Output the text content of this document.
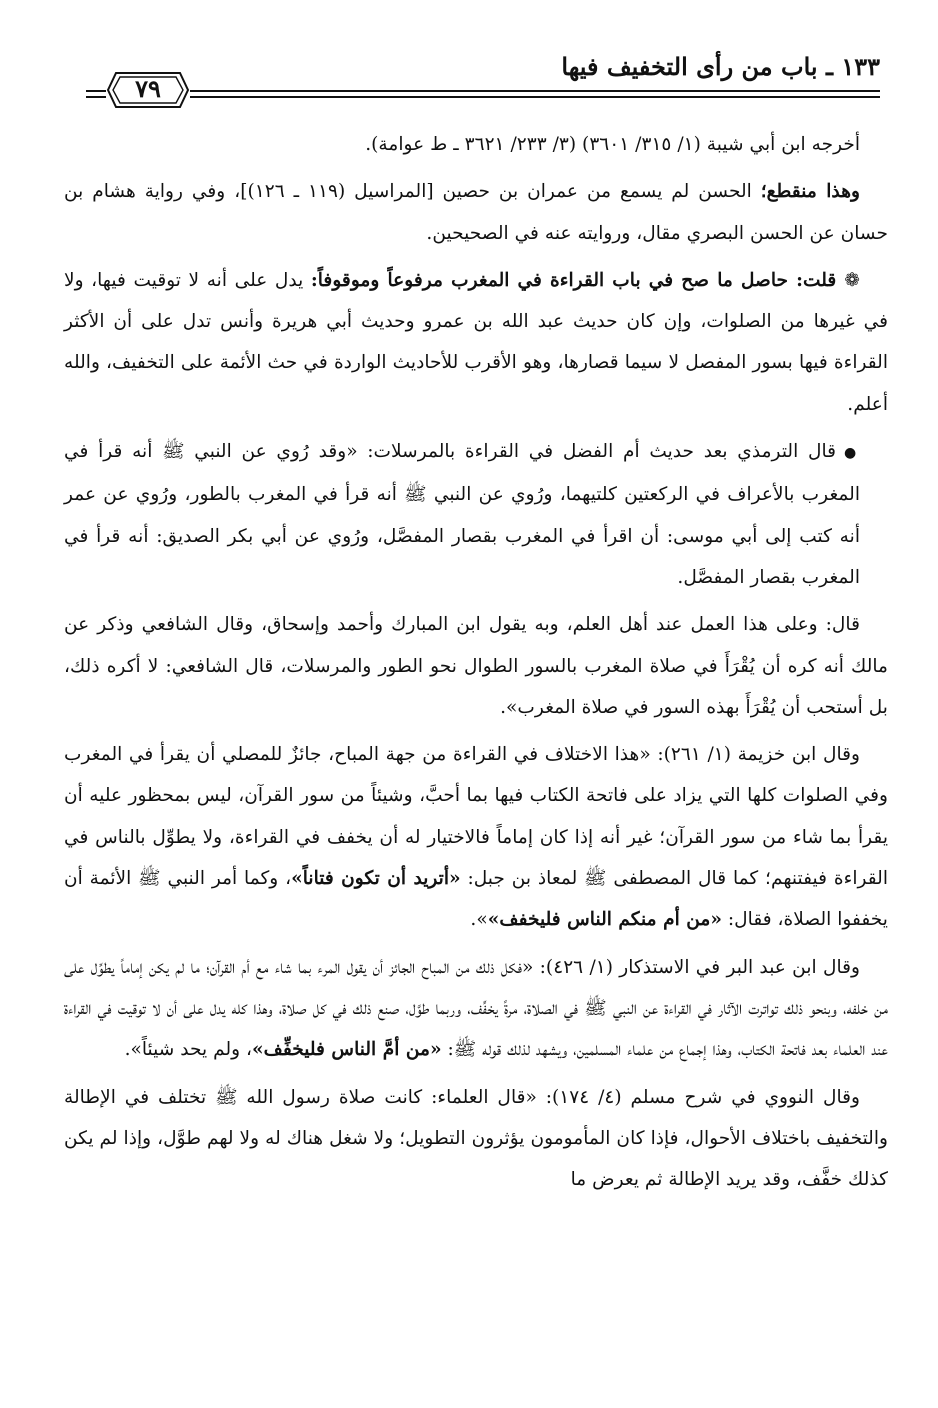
١٣٣ ـ باب من رأى التخفيف فيها
٧٩

أخرجه ابن أبي شيبة (١/ ٣١٥/ ٣٦٠١) (٣/ ٢٣٣/ ٣٦٢١ ـ ط عوامة).

وهذا منقطع؛ الحسن لم يسمع من عمران بن حصين [المراسيل (١١٩ ـ ١٢٦)]، وفي رواية هشام بن حسان عن الحسن البصري مقال، وروايته عنه في الصحيحين.

❁ قلت: حاصل ما صح في باب القراءة في المغرب مرفوعاً وموقوفاً: يدل على أنه لا توقيت فيها، ولا في غيرها من الصلوات، وإن كان حديث عبد الله بن عمرو وحديث أبي هريرة وأنس تدل على أن الأكثر القراءة فيها بسور المفصل لا سيما قصارها، وهو الأقرب للأحاديث الواردة في حث الأئمة على التخفيف، والله أعلم.

●قال الترمذي بعد حديث أم الفضل في القراءة بالمرسلات: «وقد رُوي عن النبي ﷺ أنه قرأ في المغرب بالأعراف في الركعتين كلتيهما، ورُوي عن النبي ﷺ أنه قرأ في المغرب بالطور، ورُوي عن عمر أنه كتب إلى أبي موسى: أن اقرأ في المغرب بقصار المفصَّل، ورُوي عن أبي بكر الصديق: أنه قرأ في المغرب بقصار المفصَّل.

قال: وعلى هذا العمل عند أهل العلم، وبه يقول ابن المبارك وأحمد وإسحاق، وقال الشافعي وذكر عن مالك أنه كره أن يُقْرَأَ في صلاة المغرب بالسور الطوال نحو الطور والمرسلات، قال الشافعي: لا أكره ذلك، بل أستحب أن يُقْرَأَ بهذه السور في صلاة المغرب».

وقال ابن خزيمة (١/ ٢٦١): «هذا الاختلاف في القراءة من جهة المباح، جائزٌ للمصلي أن يقرأ في المغرب وفي الصلوات كلها التي يزاد على فاتحة الكتاب فيها بما أحبَّ، وشيئاً من سور القرآن، ليس بمحظور عليه أن يقرأ بما شاء من سور القرآن؛ غير أنه إذا كان إماماً فالاختيار له أن يخفف في القراءة، ولا يطوِّل بالناس في القراءة فيفتنهم؛ كما قال المصطفى ﷺ لمعاذ بن جبل: «أتريد أن تكون فتاناً»، وكما أمر النبي ﷺ الأئمة أن يخففوا الصلاة، فقال: «من أم منكم الناس فليخفف»».

وقال ابن عبد البر في الاستذكار (١/ ٤٢٦): «فكل ذلك من المباح الجائز أن يقول المرء بما شاء مع أم القرآن؛ ما لم يكن إماماً يطوِّل على من خلفه، وبنحو ذلك تواترت الآثار في القراءة عن النبي ﷺ في الصلاة، مرةً يخفِّف، وربما طوَّل، صنع ذلك في كل صلاة، وهذا كله يدل على أن لا توقيت في القراءة عند العلماء بعد فاتحة الكتاب، وهذا إجماع من علماء المسلمين، ويشهد لذلك قوله ﷺ: «من أمَّ الناس فليخفِّف»، ولم يحد شيئاً».

وقال النووي في شرح مسلم (٤/ ١٧٤): «قال العلماء: كانت صلاة رسول الله ﷺ تختلف في الإطالة والتخفيف باختلاف الأحوال، فإذا كان المأمومون يؤثرون التطويل؛ ولا شغل هناك له ولا لهم طوَّل، وإذا لم يكن كذلك خفَّف، وقد يريد الإطالة ثم يعرض ما
